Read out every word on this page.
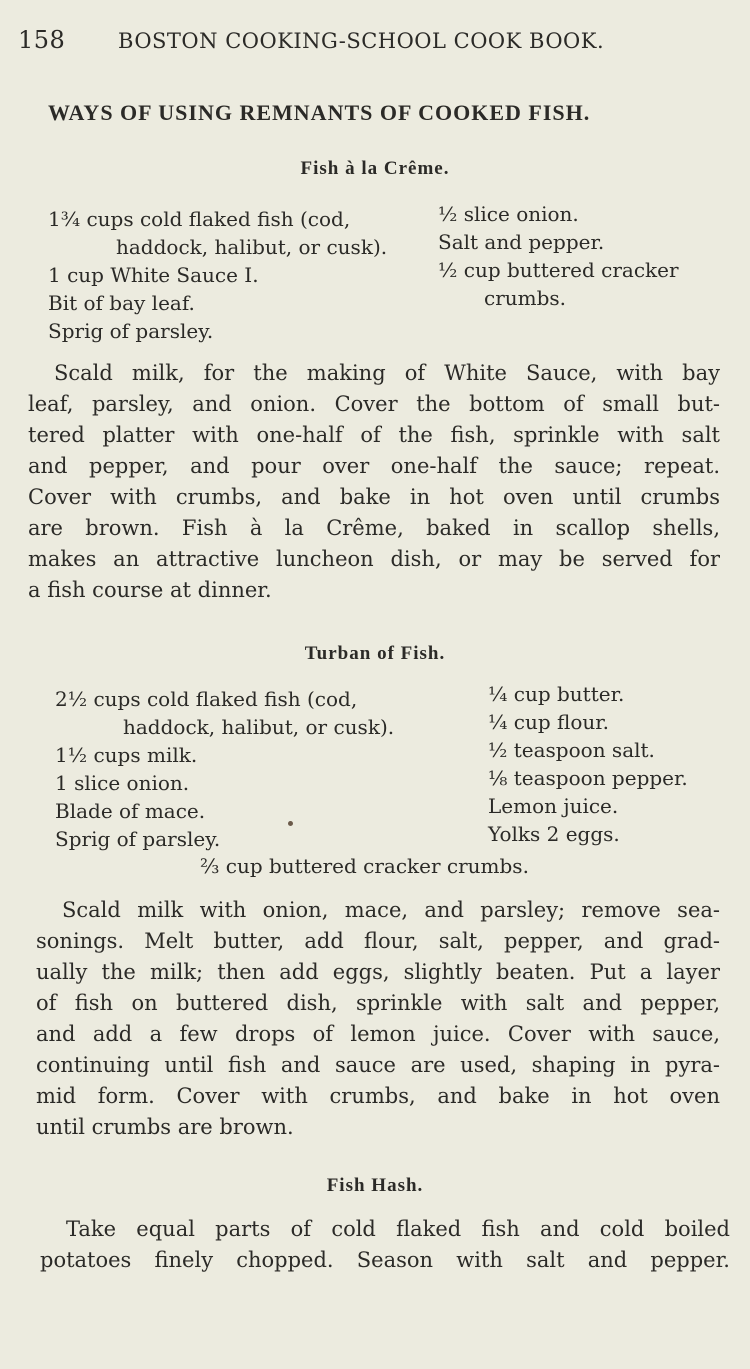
158	BOSTON COOKING-SCHOOL COOK BOOK.
WAYS OF USING REMNANTS OF COOKED FISH.
Fish à la Crême.
1¾ cups cold flaked fish (cod,
haddock, halibut, or cusk).
1 cup White Sauce I.
Bit of bay leaf.
Sprig of parsley.
½ slice onion.
Salt and pepper.
½ cup buttered cracker
crumbs.
Scald milk, for the making of White Sauce, with bay
leaf, parsley, and onion. Cover the bottom of small but-
tered platter with one-half of the fish, sprinkle with salt
and pepper, and pour over one-half the sauce; repeat.
Cover with crumbs, and bake in hot oven until crumbs
are brown. Fish à la Crême, baked in scallop shells,
makes an attractive luncheon dish, or may be served for
a fish course at dinner.
Turban of Fish.
2½ cups cold flaked fish (cod,
haddock, halibut, or cusk).
1½ cups milk.
1 slice onion.
Blade of mace.
Sprig of parsley.
¼ cup butter.
¼ cup flour.
½ teaspoon salt.
⅛ teaspoon pepper.
Lemon juice.
Yolks 2 eggs.
⅔ cup buttered cracker crumbs.
Scald milk with onion, mace, and parsley; remove sea-
sonings. Melt butter, add flour, salt, pepper, and grad-
ually the milk; then add eggs, slightly beaten. Put a layer
of fish on buttered dish, sprinkle with salt and pepper,
and add a few drops of lemon juice. Cover with sauce,
continuing until fish and sauce are used, shaping in pyra-
mid form. Cover with crumbs, and bake in hot oven
until crumbs are brown.
Fish Hash.
Take equal parts of cold flaked fish and cold boiled
potatoes finely chopped. Season with salt and pepper.
